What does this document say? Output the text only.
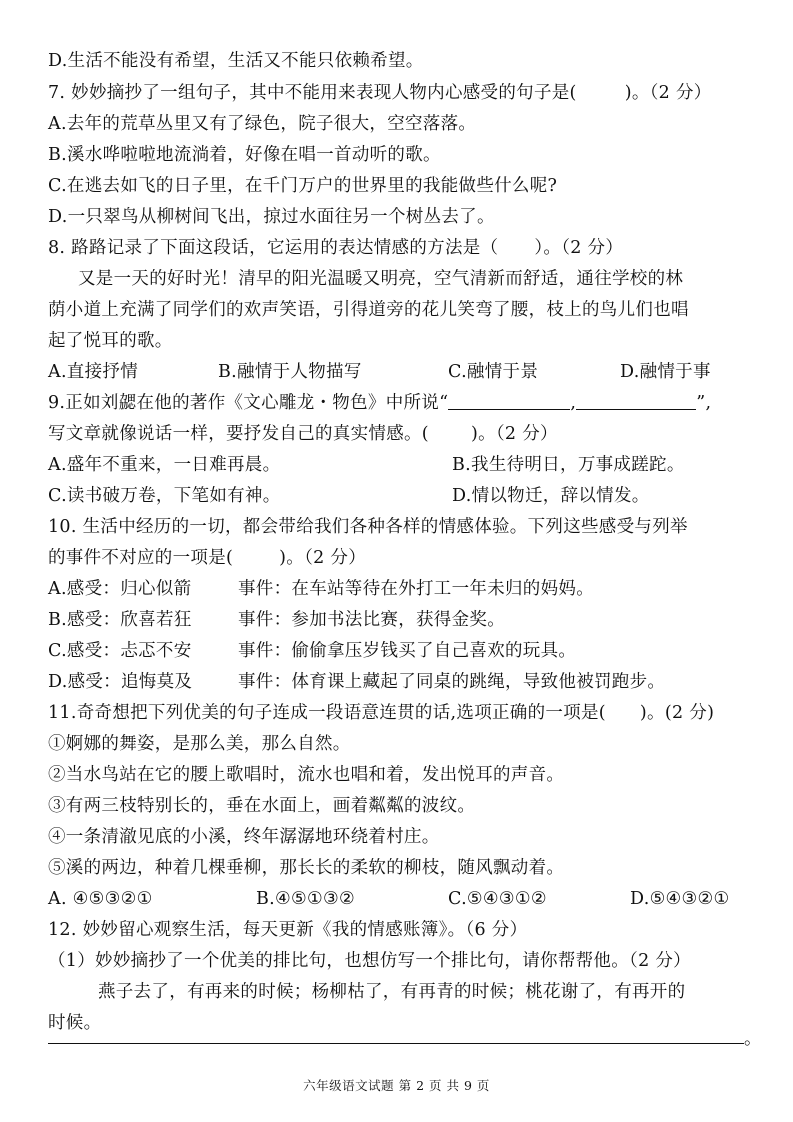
D.生活不能没有希望，生活又不能只依赖希望。
7. 妙妙摘抄了一组句子，其中不能用来表现人物内心感受的句子是(	)。（2 分）
A.去年的荒草丛里又有了绿色，院子很大，空空落落。
B.溪水哗啦啦地流淌着，好像在唱一首动听的歌。
C.在逃去如飞的日子里，在千门万户的世界里的我能做些什么呢?
D.一只翠鸟从柳树间飞出，掠过水面往另一个树丛去了。
8. 路路记录了下面这段话，它运用的表达情感的方法是（ ）。（2 分）
又是一天的好时光！清早的阳光温暖又明亮，空气清新而舒适，通往学校的林
荫小道上充满了同学们的欢声笑语，引得道旁的花儿笑弯了腰，枝上的鸟儿们也唱
起了悦耳的歌。
A.直接抒情	B.融情于人物描写	C.融情于景	D.融情于事
9.正如刘勰在他的著作《文心雕龙・物色》中所说“	,	”,
写文章就像说话一样，要抒发自己的真实情感。( )。（2 分）
A.盛年不重来，一日难再晨。	B.我生待明日，万事成蹉跎。
C.读书破万卷，下笔如有神。	D.情以物迁，辞以情发。
10. 生活中经历的一切，都会带给我们各种各样的情感体验。下列这些感受与列举
的事件不对应的一项是(	)。（2 分）
A.感受：归心似箭	事件：在车站等待在外打工一年未归的妈妈。
B.感受：欣喜若狂	事件：参加书法比赛，获得金奖。
C.感受：忐忑不安	事件：偷偷拿压岁钱买了自己喜欢的玩具。
D.感受：追悔莫及	事件：体育课上藏起了同桌的跳绳，导致他被罚跑步。
11.奇奇想把下列优美的句子连成一段语意连贯的话,选项正确的一项是( )。(2 分)
①婀娜的舞姿，是那么美，那么自然。
②当水鸟站在它的腰上歌唱时，流水也唱和着，发出悦耳的声音。
③有两三枝特别长的，垂在水面上，画着粼粼的波纹。
④一条清澈见底的小溪，终年潺潺地环绕着村庄。
⑤溪的两边，种着几棵垂柳，那长长的柔软的柳枝，随风飘动着。
A. ④⑤③②①	B.④⑤①③②	C.⑤④③①②	D.⑤④③②①
12. 妙妙留心观察生活，每天更新《我的情感账簿》。（6 分）
（1）妙妙摘抄了一个优美的排比句，也想仿写一个排比句，请你帮帮他。（2 分）
燕子去了，有再来的时候；杨柳枯了，有再青的时候；桃花谢了，有再开的
时候。
。
六年级语文试题 第 2 页 共 9 页
